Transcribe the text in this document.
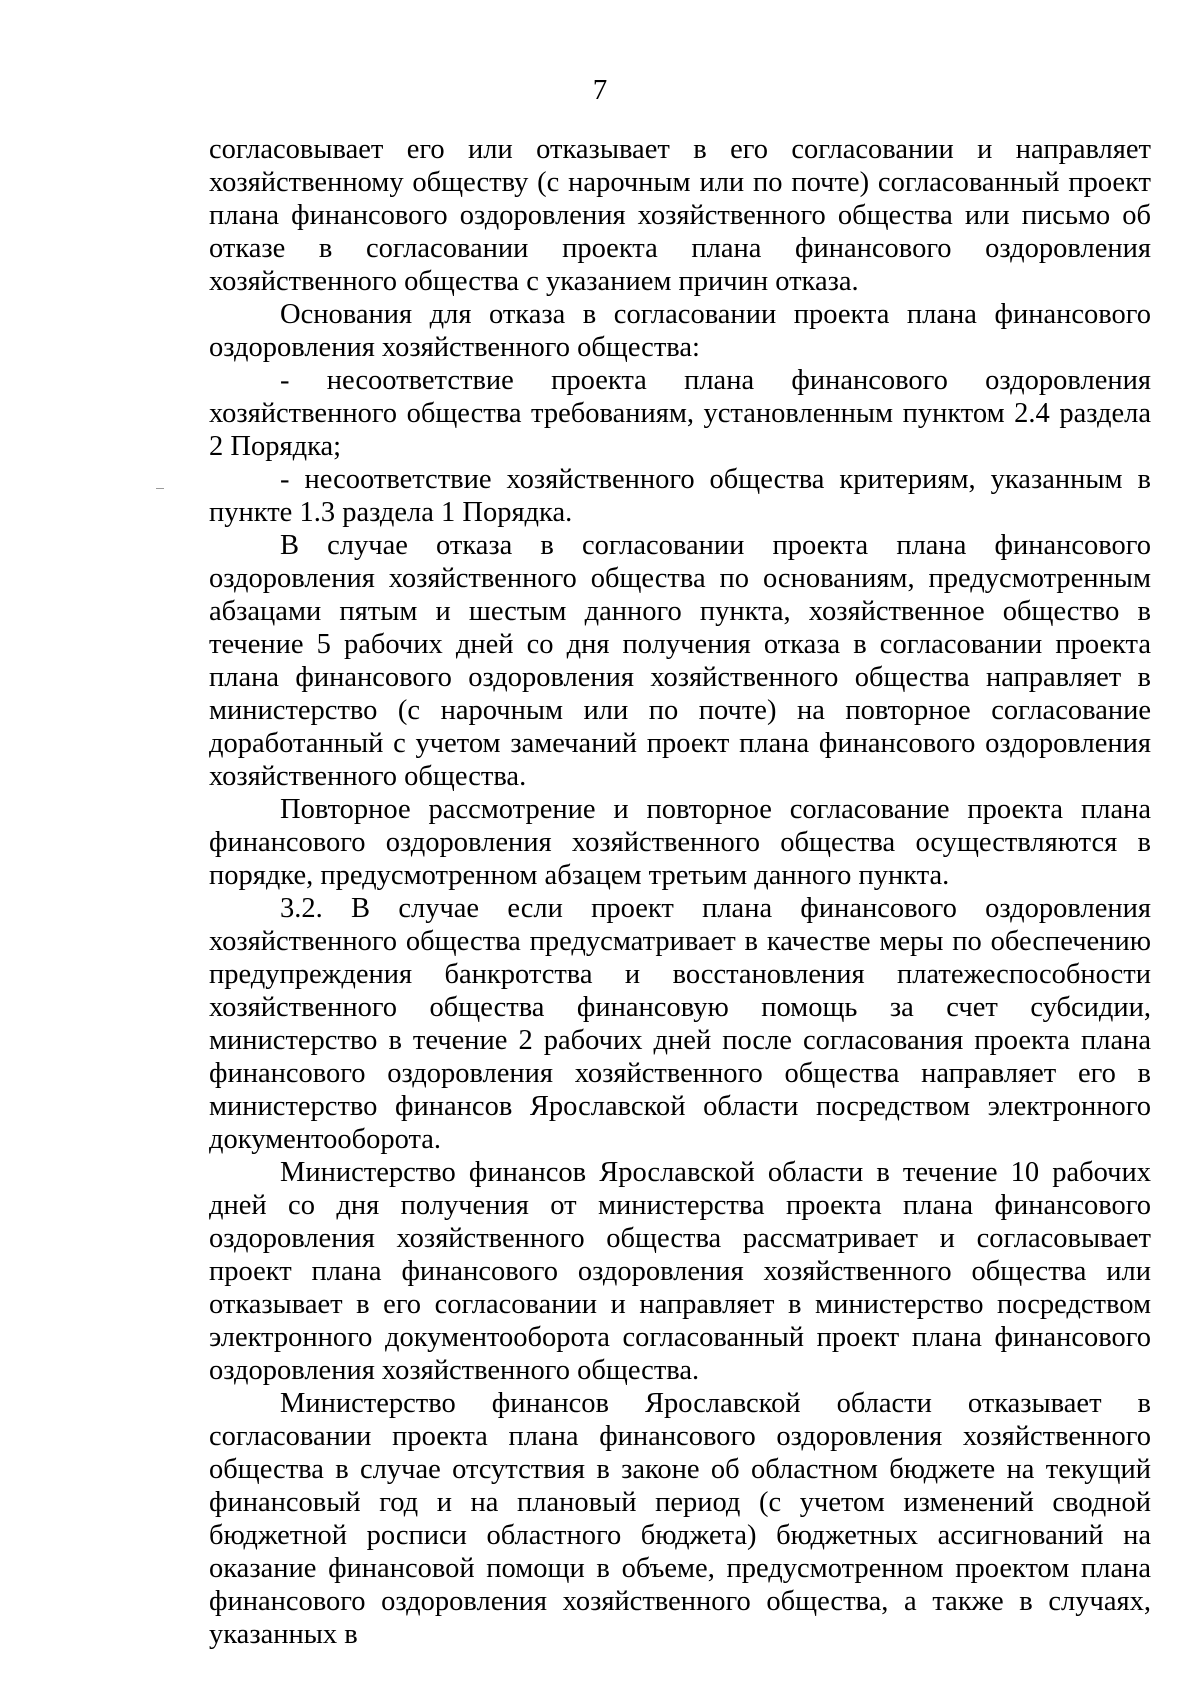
7

согласовывает его или отказывает в его согласовании и направляет хозяйственному обществу (с нарочным или по почте) согласованный проект плана финансового оздоровления хозяйственного общества или письмо об отказе в согласовании проекта плана финансового оздоровления хозяйственного общества с указанием причин отказа.

Основания для отказа в согласовании проекта плана финансового оздоровления хозяйственного общества:

- несоответствие проекта плана финансового оздоровления хозяйственного общества требованиям, установленным пунктом 2.4 раздела 2 Порядка;

- несоответствие хозяйственного общества критериям, указанным в пункте 1.3 раздела 1 Порядка.

В случае отказа в согласовании проекта плана финансового оздоровления хозяйственного общества по основаниям, предусмотренным абзацами пятым и шестым данного пункта, хозяйственное общество в течение 5 рабочих дней со дня получения отказа в согласовании проекта плана финансового оздоровления хозяйственного общества направляет в министерство (с нарочным или по почте) на повторное согласование доработанный с учетом замечаний проект плана финансового оздоровления хозяйственного общества.

Повторное рассмотрение и повторное согласование проекта плана финансового оздоровления хозяйственного общества осуществляются в порядке, предусмотренном абзацем третьим данного пункта.

3.2. В случае если проект плана финансового оздоровления хозяйственного общества предусматривает в качестве меры по обеспечению предупреждения банкротства и восстановления платежеспособности хозяйственного общества финансовую помощь за счет субсидии, министерство в течение 2 рабочих дней после согласования проекта плана финансового оздоровления хозяйственного общества направляет его в министерство финансов Ярославской области посредством электронного документооборота.

Министерство финансов Ярославской области в течение 10 рабочих дней со дня получения от министерства проекта плана финансового оздоровления хозяйственного общества рассматривает и согласовывает проект плана финансового оздоровления хозяйственного общества или отказывает в его согласовании и направляет в министерство посредством электронного документооборота согласованный проект плана финансового оздоровления хозяйственного общества.

Министерство финансов Ярославской области отказывает в согласовании проекта плана финансового оздоровления хозяйственного общества в случае отсутствия в законе об областном бюджете на текущий финансовый год и на плановый период (с учетом изменений сводной бюджетной росписи областного бюджета) бюджетных ассигнований на оказание финансовой помощи в объеме, предусмотренном проектом плана финансового оздоровления хозяйственного общества, а также в случаях, указанных в
